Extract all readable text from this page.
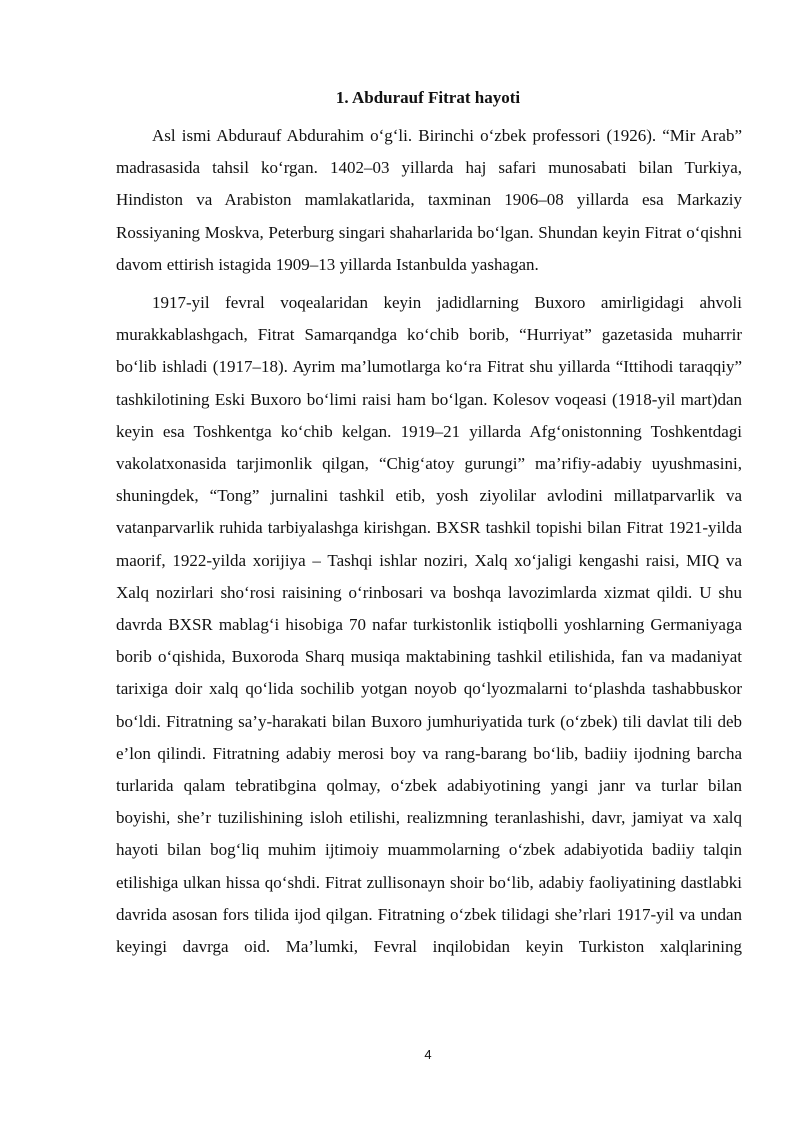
1. Abdurauf Fitrat hayoti

Asl ismi Abdurauf Abdurahim o‘g‘li. Birinchi o‘zbek professori (1926). “Mir Arab” madrasasida tahsil ko‘rgan. 1402–03 yillarda haj safari munosabati bilan Turkiya, Hindiston va Arabiston mamlakatlarida, taxminan 1906–08 yillarda esa Markaziy Rossiyaning Moskva, Peterburg singari shaharlarida bo‘lgan. Shundan keyin Fitrat o‘qishni davom ettirish istagida 1909–13 yillarda Istanbulda yashagan.

1917-yil fevral voqealaridan keyin jadidlarning Buxoro amirligidagi ahvoli murakkablashgach, Fitrat Samarqandga ko‘chib borib, “Hurriyat” gazetasida muharrir bo‘lib ishladi (1917–18). Ayrim ma’lumotlarga ko‘ra Fitrat shu yillarda “Ittihodi taraqqiy” tashkilotining Eski Buxoro bo‘limi raisi ham bo‘lgan. Kolesov voqeasi (1918-yil mart)dan keyin esa Toshkentga ko‘chib kelgan. 1919–21 yillarda Afg‘onistonning Toshkentdagi vakolatxonasida tarjimonlik qilgan, “Chig‘atoy gurungi” ma’rifiy-adabiy uyushmasini, shuningdek, “Tong” jurnalini tashkil etib, yosh ziyolilar avlodini millatparvarlik va vatanparvarlik ruhida tarbiyalashga kirishgan. BXSR tashkil topishi bilan Fitrat 1921-yilda maorif, 1922-yilda xorijiya – Tashqi ishlar noziri, Xalq xo‘jaligi kengashi raisi, MIQ va Xalq nozirlari sho‘rosi raisining o‘rinbosari va boshqa lavozimlarda xizmat qildi. U shu davrda BXSR mablag‘i hisobiga 70 nafar turkistonlik istiqbolli yoshlarning Germaniyaga borib o‘qishida, Buxoroda Sharq musiqa maktabining tashkil etilishida, fan va madaniyat tarixiga doir xalq qo‘lida sochilib yotgan noyob qo‘lyozmalarni to‘plashda tashabbuskor bo‘ldi. Fitratning sa’y-harakati bilan Buxoro jumhuriyatida turk (o‘zbek) tili davlat tili deb e’lon qilindi. Fitratning adabiy merosi boy va rang-barang bo‘lib, badiiy ijodning barcha turlarida qalam tebratibgina qolmay, o‘zbek adabiyotining yangi janr va turlar bilan boyishi, she’r tuzilishining isloh etilishi, realizmning teranlashishi, davr, jamiyat va xalq hayoti bilan bog‘liq muhim ijtimoiy muammolarning o‘zbek adabiyotida badiiy talqin etilishiga ulkan hissa qo‘shdi. Fitrat zullisonayn shoir bo‘lib, adabiy faoliyatining dastlabki davrida asosan fors tilida ijod qilgan. Fitratning o‘zbek tilidagi she’rlari 1917-yil va undan keyingi davrga oid. Ma’lumki, Fevral inqilobidan keyin Turkiston xalqlarining

4
